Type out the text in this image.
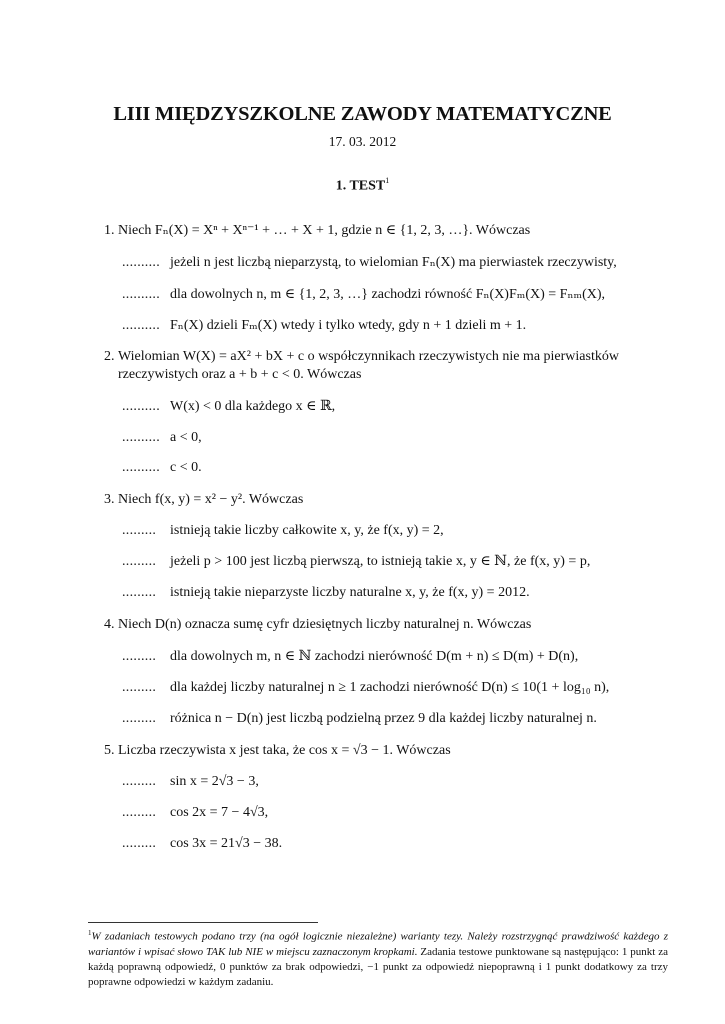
LIII MIĘDZYSZKOLNE ZAWODY MATEMATYCZNE
17. 03. 2012
1. TEST$^1$
1. Niech Fₙ(X) = Xⁿ + Xⁿ⁻¹ + … + X + 1, gdzie n ∈ {1, 2, 3, …}. Wówczas
.......... jeżeli n jest liczbą nieparzystą, to wielomian Fₙ(X) ma pierwiastek rzeczywisty,
.......... dla dowolnych n, m ∈ {1, 2, 3, …} zachodzi równość Fₙ(X)Fₘ(X) = Fₙₘ(X),
.......... Fₙ(X) dzieli Fₘ(X) wtedy i tylko wtedy, gdy n + 1 dzieli m + 1.
2. Wielomian W(X) = aX² + bX + c o współczynnikach rzeczywistych nie ma pierwiastków rzeczywistych oraz a + b + c < 0. Wówczas
.......... W(x) < 0 dla każdego x ∈ ℝ,
.......... a < 0,
.......... c < 0.
3. Niech f(x, y) = x² − y². Wówczas
......... istnieją takie liczby całkowite x, y, że f(x, y) = 2,
......... jeżeli p > 100 jest liczbą pierwszą, to istnieją takie x, y ∈ ℕ, że f(x, y) = p,
......... istnieją takie nieparzyste liczby naturalne x, y, że f(x, y) = 2012.
4. Niech D(n) oznacza sumę cyfr dziesiętnych liczby naturalnej n. Wówczas
......... dla dowolnych m, n ∈ ℕ zachodzi nierówność D(m + n) ≤ D(m) + D(n),
......... dla każdej liczby naturalnej n ≥ 1 zachodzi nierówność D(n) ≤ 10(1 + log₁₀ n),
......... różnica n − D(n) jest liczbą podzielną przez 9 dla każdej liczby naturalnej n.
5. Liczba rzeczywista x jest taka, że cos x = √3 − 1. Wówczas
......... sin x = 2√3 − 3,
......... cos 2x = 7 − 4√3,
......... cos 3x = 21√3 − 38.
$^1$W zadaniach testowych podano trzy (na ogół logicznie niezależne) warianty tezy. Należy rozstrzygnąć prawdziwość każdego z wariantów i wpisać słowo TAK lub NIE w miejscu zaznaczonym kropkami. Zadania testowe punktowane są następująco: 1 punkt za każdą poprawną odpowiedź, 0 punktów za brak odpowiedzi, −1 punkt za odpowiedź niepoprawną i 1 punkt dodatkowy za trzy poprawne odpowiedzi w każdym zadaniu.
